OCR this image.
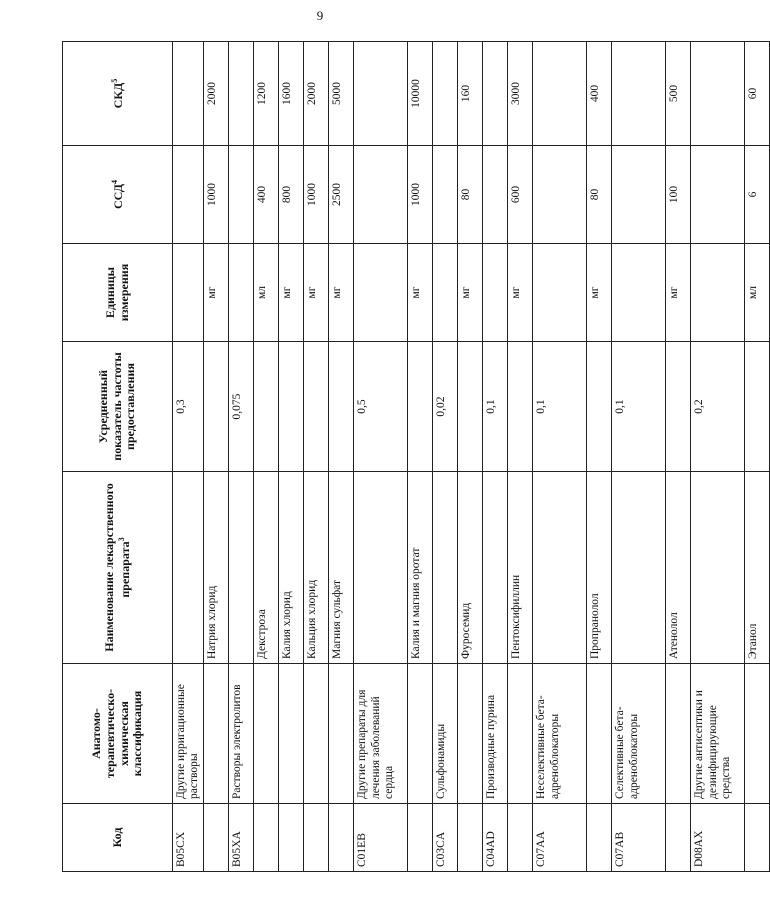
9
Код	Анатомо-терапевтическо-химическая классификация	Наименование лекарственного препарата$^3$	Усредненный показатель частоты предоставления	Единицы измерения	ССД$^4$	СКД$^5$
B05CX	Другие ирригационные растворы		0,3			
		Натрия хлорид		мг	1000	2000
B05XA	Растворы электролитов		0,075			
		Декстроза		мл	400	1200
		Калия хлорид		мг	800	1600
		Кальция хлорид		мг	1000	2000
		Магния сульфат		мг	2500	5000
C01EB	Другие препараты для лечения заболеваний сердца		0,5			
		Калия и магния оротат		мг	1000	10000
C03CA	Сульфонамиды		0,02			
		Фуросемид		мг	80	160
C04AD	Производные пурина		0,1			
		Пентоксифиллин		мг	600	3000
C07AA	Неселективные бета-адреноблокаторы		0,1			
		Пропранолол		мг	80	400
C07AB	Селективные бета-адреноблокаторы		0,1			
		Атенолол		мг	100	500
D08AX	Другие антисептики и дезинфицирующие средства		0,2			
		Этанол		мл	6	60
